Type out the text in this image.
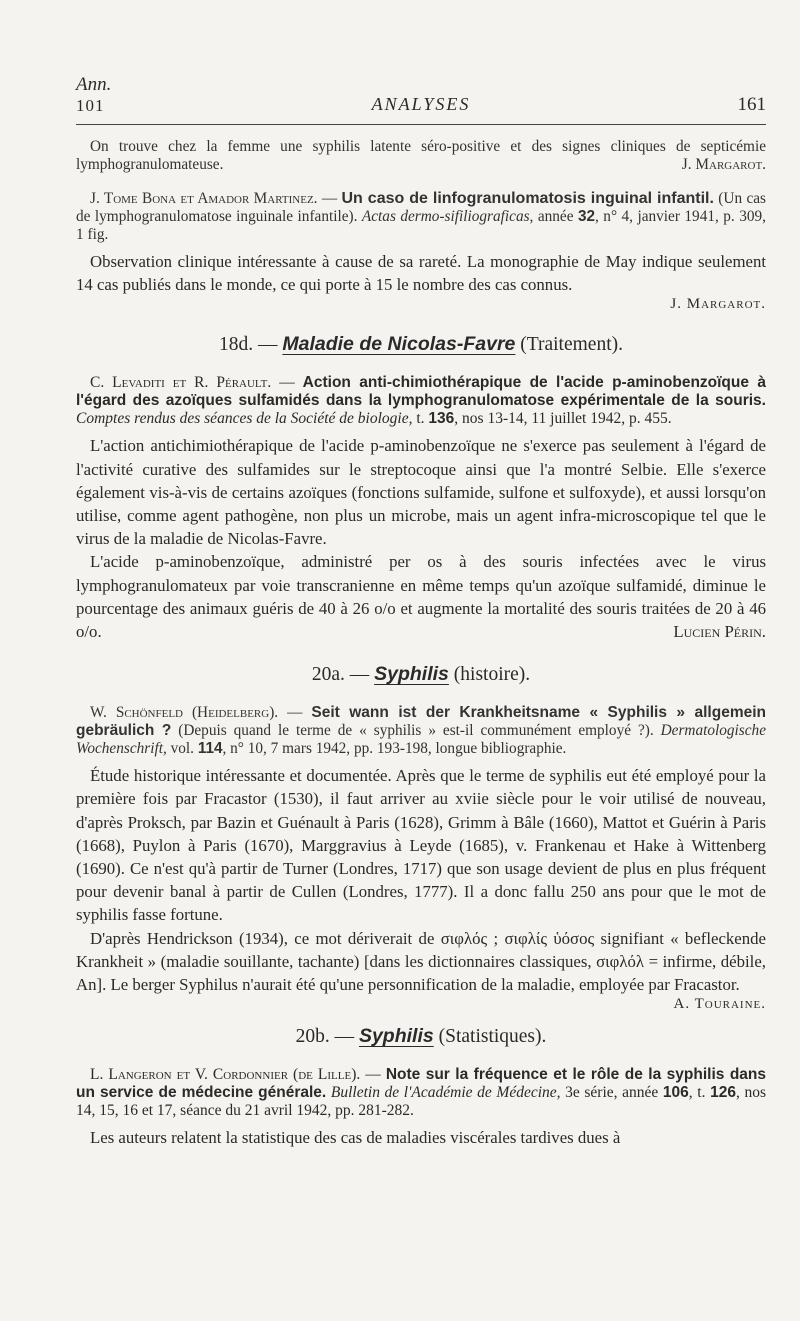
Ann.
101	ANALYSES	161

On trouve chez la femme une syphilis latente séro-positive et des signes cliniques de septicémie lymphogranulomateuse.	J. Margarot.

J. Tome Bona et Amador Martinez. — Un caso de linfogranulomatosis inguinal infantil. (Un cas de lymphogranulomatose inguinale infantile). Actas dermo-sifiliograficas, année 32, n° 4, janvier 1941, p. 309, 1 fig.

Observation clinique intéressante à cause de sa rareté. La monographie de May indique seulement 14 cas publiés dans le monde, ce qui porte à 15 le nombre des cas connus.

J. Margarot.
18d. — Maladie de Nicolas-Favre (Traitement).

C. Levaditi et R. Pérault. — Action anti-chimiothérapique de l'acide p-aminobenzoïque à l'égard des azoïques sulfamidés dans la lymphogranulomatose expérimentale de la souris. Comptes rendus des séances de la Société de biologie, t. 136, nos 13-14, 11 juillet 1942, p. 455.

L'action antichimiothérapique de l'acide p-aminobenzoïque ne s'exerce pas seulement à l'égard de l'activité curative des sulfamides sur le streptocoque ainsi que l'a montré Selbie. Elle s'exerce également vis-à-vis de certains azoïques (fonctions sulfamide, sulfone et sulfoxyde), et aussi lorsqu'on utilise, comme agent pathogène, non plus un microbe, mais un agent infra-microscopique tel que le virus de la maladie de Nicolas-Favre.

L'acide p-aminobenzoïque, administré per os à des souris infectées avec le virus lymphogranulomateux par voie transcranienne en même temps qu'un azoïque sulfamidé, diminue le pourcentage des animaux guéris de 40 à 26 o/o et augmente la mortalité des souris traitées de 20 à 46 o/o.	Lucien Périn.

20a. — Syphilis (histoire).

W. Schönfeld (Heidelberg). — Seit wann ist der Krankheitsname « Syphilis » allgemein gebräulich ? (Depuis quand le terme de « syphilis » est-il communément employé ?). Dermatologische Wochenschrift, vol. 114, n° 10, 7 mars 1942, pp. 193-198, longue bibliographie.

Étude historique intéressante et documentée. Après que le terme de syphilis eut été employé pour la première fois par Fracastor (1530), il faut arriver au xviie siècle pour le voir utilisé de nouveau, d'après Proksch, par Bazin et Guénault à Paris (1628), Grimm à Bâle (1660), Mattot et Guérin à Paris (1668), Puylon à Paris (1670), Marggravius à Leyde (1685), v. Frankenau et Hake à Wittenberg (1690). Ce n'est qu'à partir de Turner (Londres, 1717) que son usage devient de plus en plus fréquent pour devenir banal à partir de Cullen (Londres, 1777). Il a donc fallu 250 ans pour que le mot de syphilis fasse fortune.

D'après Hendrickson (1934), ce mot dériverait de σιφλός ; σιφλίς ὑόσος signifiant « befleckende Krankheit » (maladie souillante, tachante) [dans les dictionnaires classiques, σιφλόλ = infirme, débile, An]. Le berger Syphilus n'aurait été qu'une personnification de la maladie, employée par Fracastor.

A. Touraine.
20b. — Syphilis (Statistiques).

L. Langeron et V. Cordonnier (de Lille). — Note sur la fréquence et le rôle de la syphilis dans un service de médecine générale. Bulletin de l'Académie de Médecine, 3e série, année 106, t. 126, nos 14, 15, 16 et 17, séance du 21 avril 1942, pp. 281-282.

Les auteurs relatent la statistique des cas de maladies viscérales tardives dues à
